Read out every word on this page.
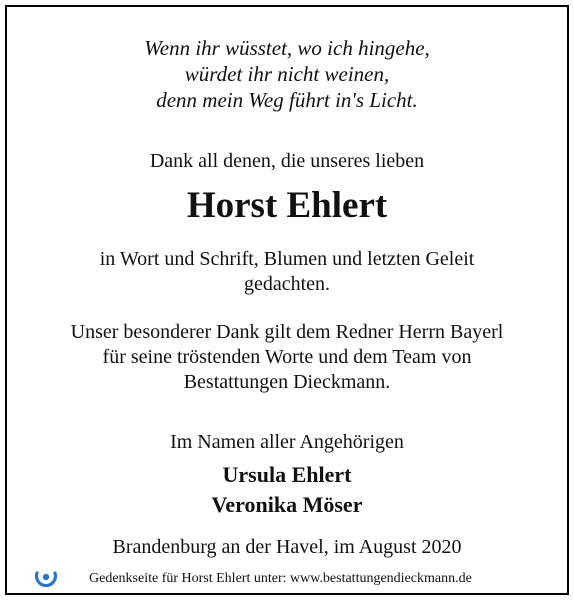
Wenn ihr wüsstet, wo ich hingehe,
würdet ihr nicht weinen,
denn mein Weg führt in's Licht.
Dank all denen, die unseres lieben
Horst Ehlert
in Wort und Schrift, Blumen und letzten Geleit
gedachten.
Unser besonderer Dank gilt dem Redner Herrn Bayerl
für seine tröstenden Worte und dem Team von
Bestattungen Dieckmann.
Im Namen aller Angehörigen
Ursula Ehlert
Veronika Möser
Brandenburg an der Havel, im August 2020
Gedenkseite für Horst Ehlert unter: www.bestattungendieckmann.de
